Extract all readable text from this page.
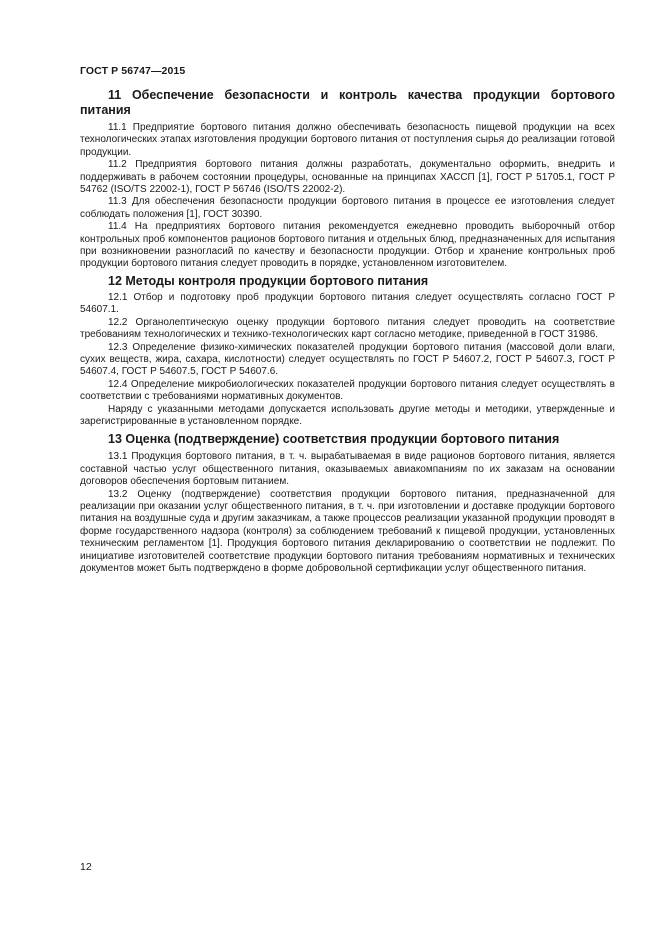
ГОСТ Р 56747—2015
11 Обеспечение безопасности и контроль качества продукции бортового питания

11.1 Предприятие бортового питания должно обеспечивать безопасность пищевой продукции на всех технологических этапах изготовления продукции бортового питания от поступления сырья до реализации готовой продукции.

11.2 Предприятия бортового питания должны разработать, документально оформить, внедрить и поддерживать в рабочем состоянии процедуры, основанные на принципах ХАССП [1], ГОСТ Р 51705.1, ГОСТ Р 54762 (ISO/TS 22002-1), ГОСТ Р 56746 (ISO/TS 22002-2).

11.3 Для обеспечения безопасности продукции бортового питания в процессе ее изготовления следует соблюдать положения [1], ГОСТ 30390.

11.4 На предприятиях бортового питания рекомендуется ежедневно проводить выборочный отбор контрольных проб компонентов рационов бортового питания и отдельных блюд, предназначенных для испытания при возникновении разногласий по качеству и безопасности продукции. Отбор и хранение контрольных проб продукции бортового питания следует проводить в порядке, установленном изготовителем.

12 Методы контроля продукции бортового питания

12.1 Отбор и подготовку проб продукции бортового питания следует осуществлять согласно ГОСТ Р 54607.1.

12.2 Органолептическую оценку продукции бортового питания следует проводить на соответствие требованиям технологических и технико-технологических карт согласно методике, приведенной в ГОСТ 31986.

12.3 Определение физико-химических показателей продукции бортового питания (массовой доли влаги, сухих веществ, жира, сахара, кислотности) следует осуществлять по ГОСТ Р 54607.2, ГОСТ Р 54607.3, ГОСТ Р 54607.4, ГОСТ Р 54607.5, ГОСТ Р 54607.6.

12.4 Определение микробиологических показателей продукции бортового питания следует осуществлять в соответствии с требованиями нормативных документов.

Наряду с указанными методами допускается использовать другие методы и методики, утвержденные и зарегистрированные в установленном порядке.

13 Оценка (подтверждение) соответствия продукции бортового питания

13.1 Продукция бортового питания, в т. ч. вырабатываемая в виде рационов бортового питания, является составной частью услуг общественного питания, оказываемых авиакомпаниям по их заказам на основании договоров обеспечения бортовым питанием.

13.2 Оценку (подтверждение) соответствия продукции бортового питания, предназначенной для реализации при оказании услуг общественного питания, в т. ч. при изготовлении и доставке продукции бортового питания на воздушные суда и другим заказчикам, а также процессов реализации указанной продукции проводят в форме государственного надзора (контроля) за соблюдением требований к пищевой продукции, установленных техническим регламентом [1]. Продукция бортового питания декларированию о соответствии не подлежит. По инициативе изготовителей соответствие продукции бортового питания требованиям нормативных и технических документов может быть подтверждено в форме добровольной сертификации услуг общественного питания.

12
